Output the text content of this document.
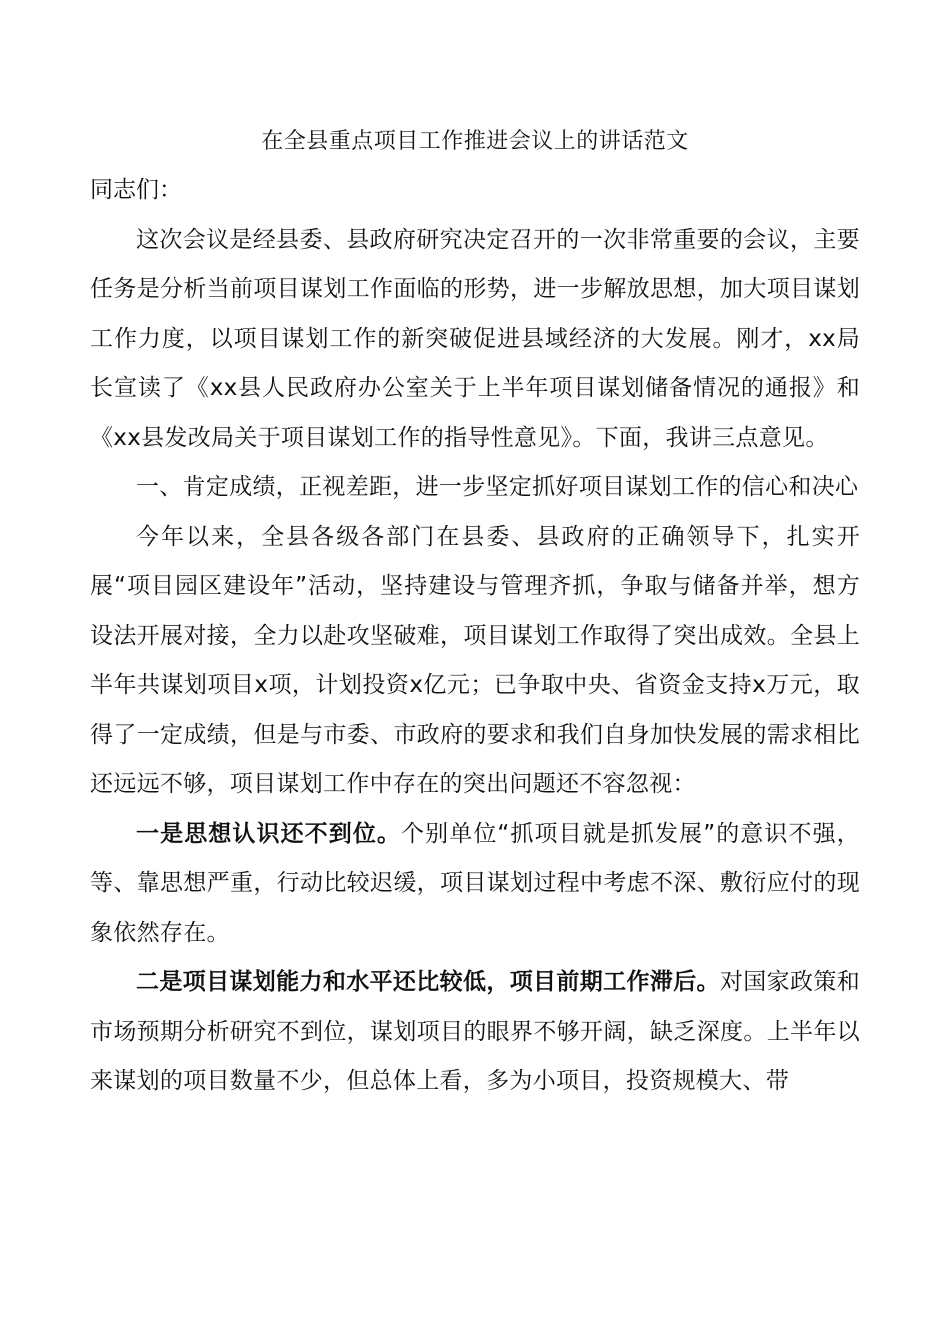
在全县重点项目工作推进会议上的讲话范文

同志们：

这次会议是经县委、县政府研究决定召开的一次非常重要的会议，主要任务是分析当前项目谋划工作面临的形势，进一步解放思想，加大项目谋划工作力度，以项目谋划工作的新突破促进县域经济的大发展。刚才，xx局长宣读了《xx县人民政府办公室关于上半年项目谋划储备情况的通报》和《xx县发改局关于项目谋划工作的指导性意见》。下面，我讲三点意见。

一、肯定成绩，正视差距，进一步坚定抓好项目谋划工作的信心和决心

今年以来，全县各级各部门在县委、县政府的正确领导下，扎实开展“项目园区建设年”活动，坚持建设与管理齐抓，争取与储备并举，想方设法开展对接，全力以赴攻坚破难，项目谋划工作取得了突出成效。全县上半年共谋划项目x项，计划投资x亿元；已争取中央、省资金支持x万元，取得了一定成绩，但是与市委、市政府的要求和我们自身加快发展的需求相比还远远不够，项目谋划工作中存在的突出问题还不容忽视：

一是思想认识还不到位。个别单位“抓项目就是抓发展”的意识不强，等、靠思想严重，行动比较迟缓，项目谋划过程中考虑不深、敷衍应付的现象依然存在。

二是项目谋划能力和水平还比较低，项目前期工作滞后。对国家政策和市场预期分析研究不到位，谋划项目的眼界不够开阔，缺乏深度。上半年以来谋划的项目数量不少，但总体上看，多为小项目，投资规模大、带
